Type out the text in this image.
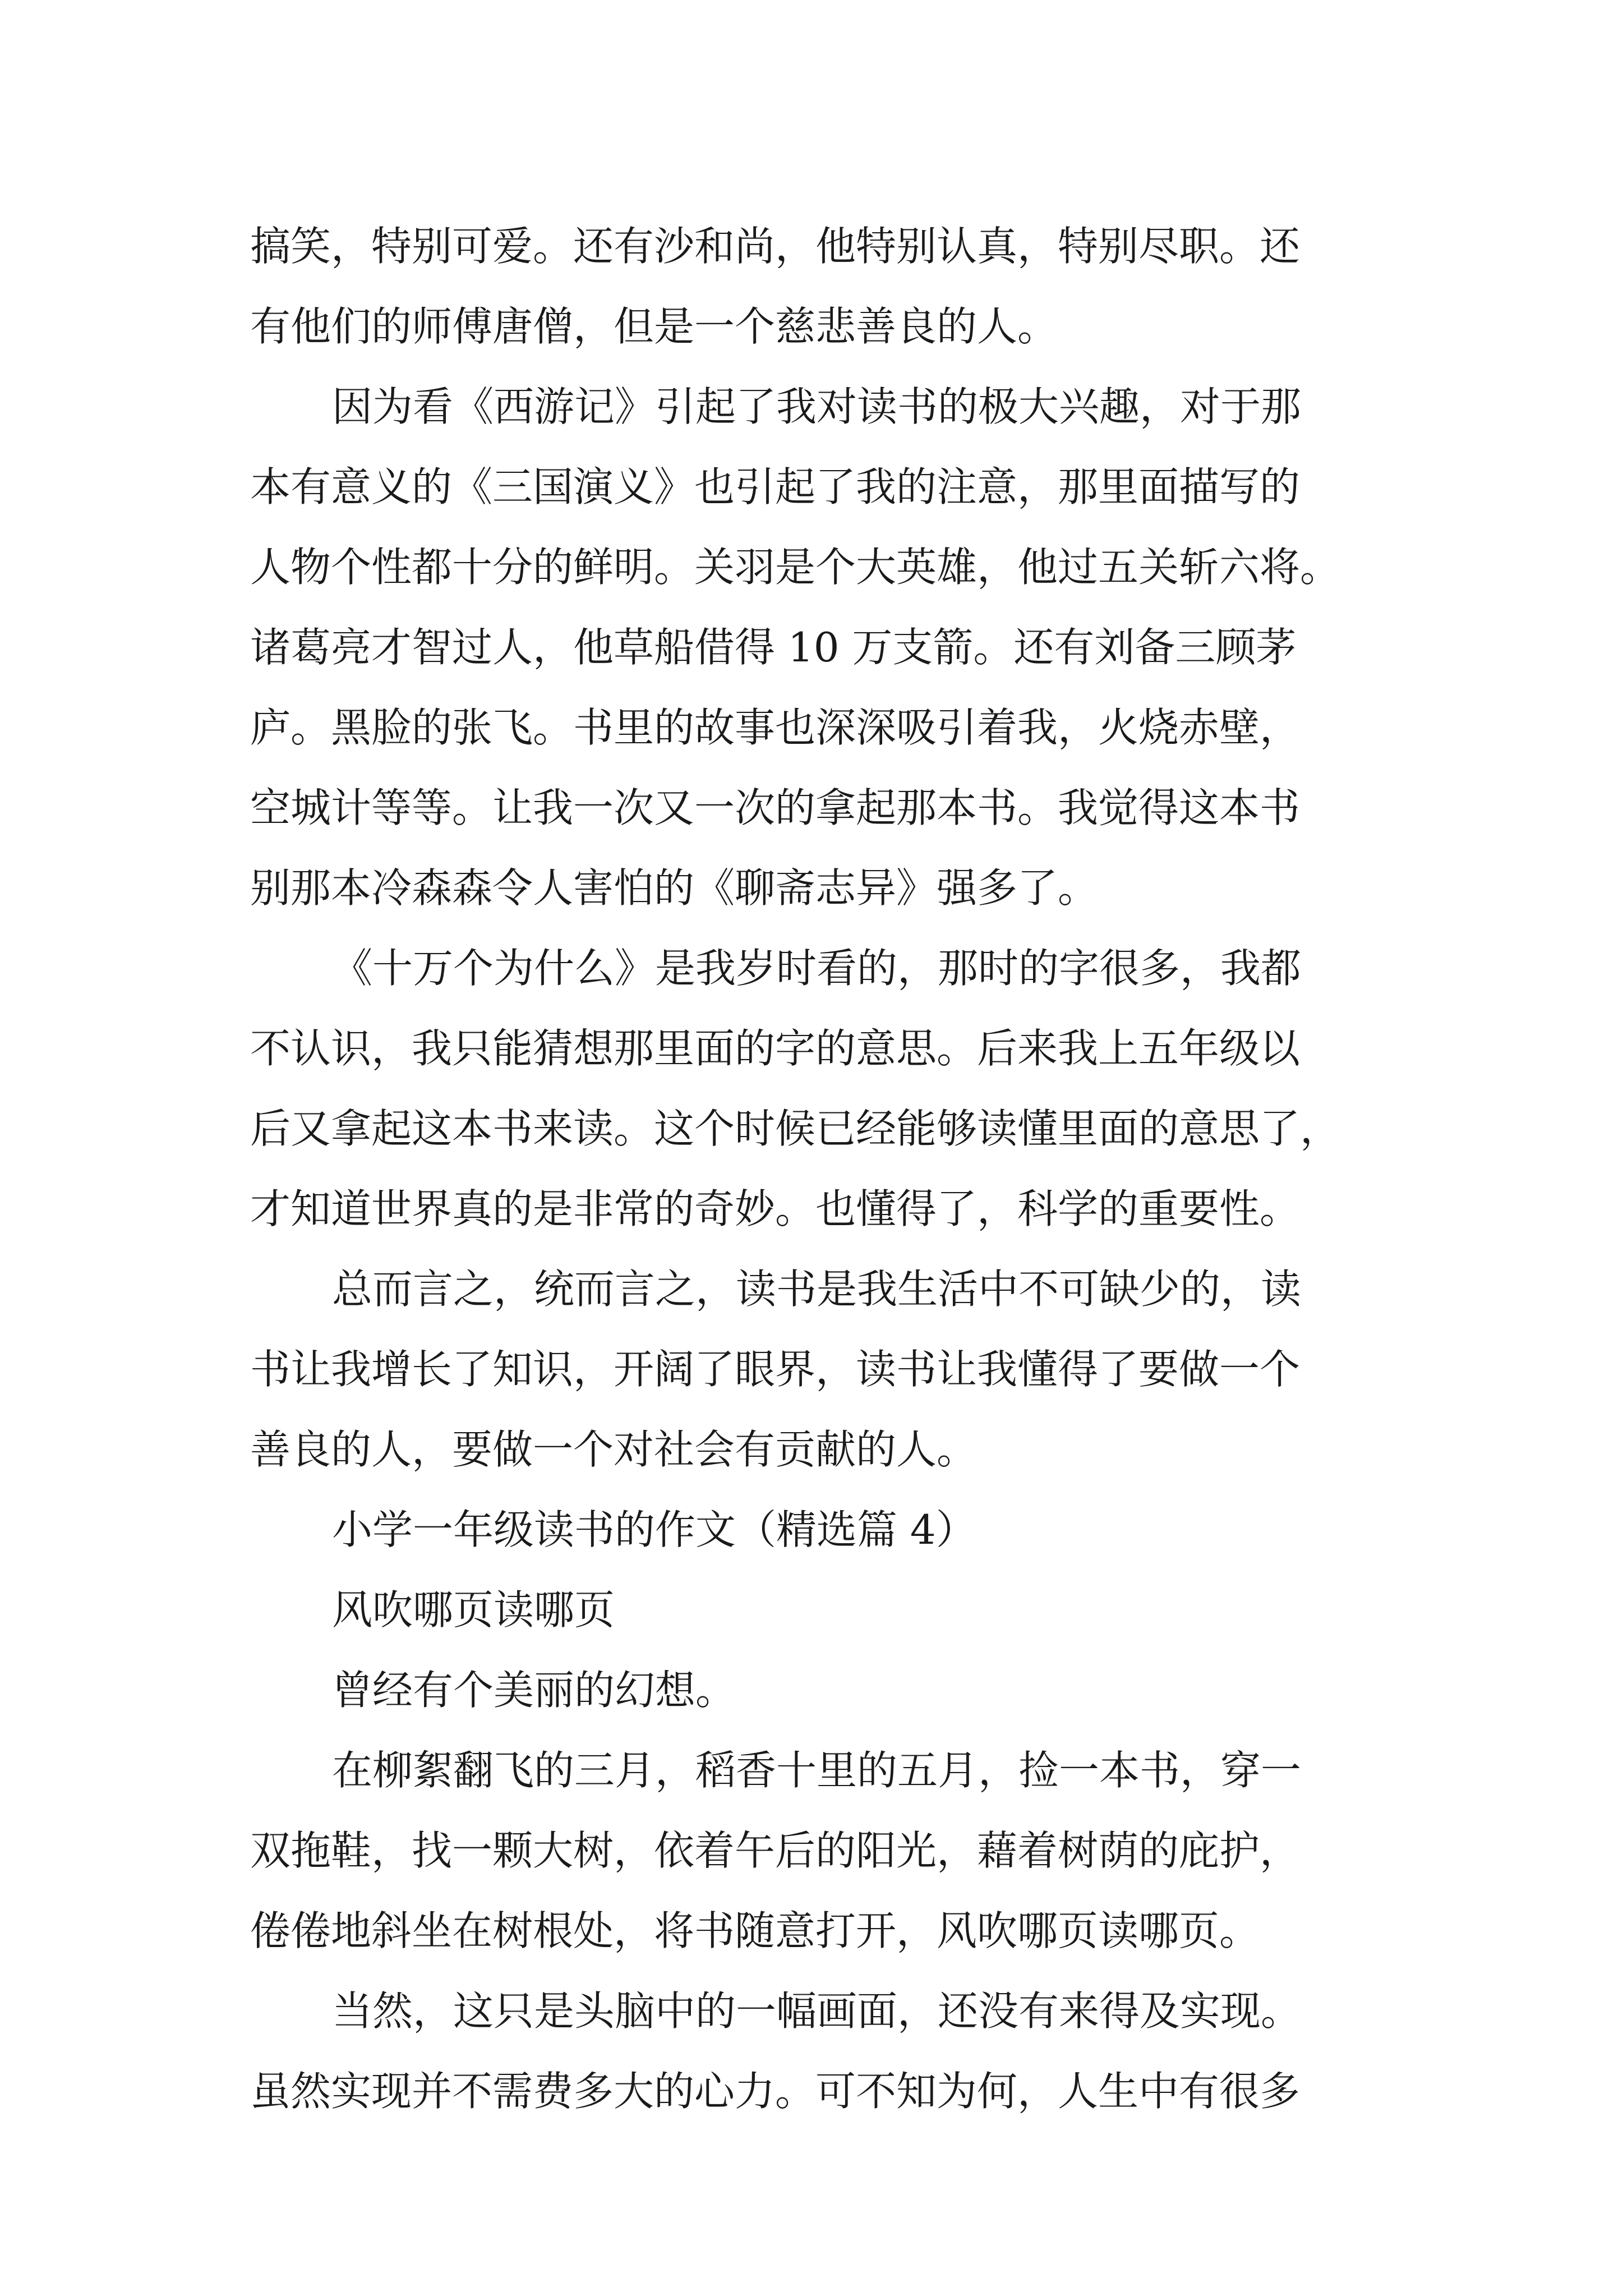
搞笑，特别可爱。还有沙和尚，他特别认真，特别尽职。还
有他们的师傅唐僧，但是一个慈悲善良的人。
因为看《西游记》引起了我对读书的极大兴趣，对于那
本有意义的《三国演义》也引起了我的注意，那里面描写的
人物个性都十分的鲜明。关羽是个大英雄，他过五关斩六将。
诸葛亮才智过人，他草船借得 10 万支箭。还有刘备三顾茅
庐。黑脸的张飞。书里的故事也深深吸引着我，火烧赤壁，
空城计等等。让我一次又一次的拿起那本书。我觉得这本书
别那本冷森森令人害怕的《聊斋志异》强多了。
《十万个为什么》是我岁时看的，那时的字很多，我都
不认识，我只能猜想那里面的字的意思。后来我上五年级以
后又拿起这本书来读。这个时候已经能够读懂里面的意思了，
才知道世界真的是非常的奇妙。也懂得了，科学的重要性。
总而言之，统而言之，读书是我生活中不可缺少的，读
书让我增长了知识，开阔了眼界，读书让我懂得了要做一个
善良的人，要做一个对社会有贡献的人。
小学一年级读书的作文（精选篇 4）
风吹哪页读哪页
曾经有个美丽的幻想。
在柳絮翻飞的三月，稻香十里的五月，捡一本书，穿一
双拖鞋，找一颗大树，依着午后的阳光，藉着树荫的庇护，
倦倦地斜坐在树根处，将书随意打开，风吹哪页读哪页。
当然，这只是头脑中的一幅画面，还没有来得及实现。
虽然实现并不需费多大的心力。可不知为何，人生中有很多
